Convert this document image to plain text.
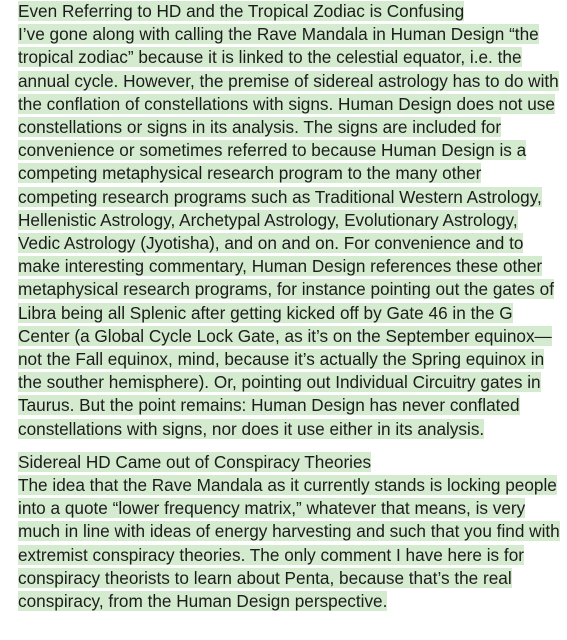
Even Referring to HD and the Tropical Zodiac is Confusing

I’ve gone along with calling the Rave Mandala in Human Design “the tropical zodiac” because it is linked to the celestial equator, i.e. the annual cycle. However, the premise of sidereal astrology has to do with the conflation of constellations with signs. Human Design does not use constellations or signs in its analysis. The signs are included for convenience or sometimes referred to because Human Design is a competing metaphysical research program to the many other competing research programs such as Traditional Western Astrology, Hellenistic Astrology, Archetypal Astrology, Evolutionary Astrology, Vedic Astrology (Jyotisha), and on and on. For convenience and to make interesting commentary, Human Design references these other metaphysical research programs, for instance pointing out the gates of Libra being all Splenic after getting kicked off by Gate 46 in the G Center (a Global Cycle Lock Gate, as it’s on the September equinox—not the Fall equinox, mind, because it’s actually the Spring equinox in the souther hemisphere). Or, pointing out Individual Circuitry gates in Taurus. But the point remains: Human Design has never conflated constellations with signs, nor does it use either in its analysis.

Sidereal HD Came out of Conspiracy Theories

The idea that the Rave Mandala as it currently stands is locking people into a quote “lower frequency matrix,” whatever that means, is very much in line with ideas of energy harvesting and such that you find with extremist conspiracy theories. The only comment I have here is for conspiracy theorists to learn about Penta, because that’s the real conspiracy, from the Human Design perspective.
